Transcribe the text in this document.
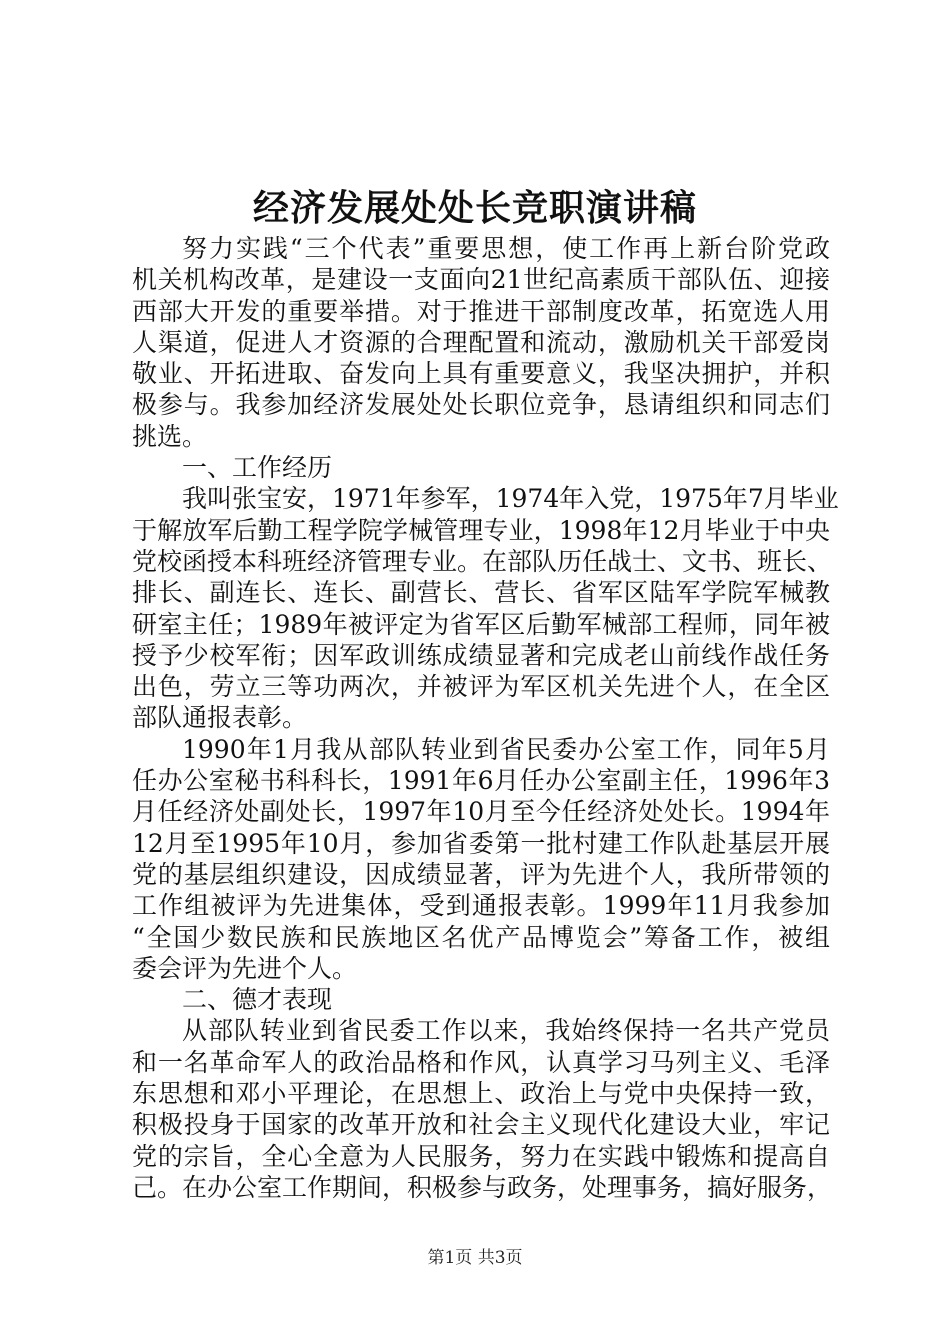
经济发展处处长竞职演讲稿
努力实践“三个代表”重要思想，使工作再上新台阶党政
机关机构改革，是建设一支面向21世纪高素质干部队伍、迎接
西部大开发的重要举措。对于推进干部制度改革，拓宽选人用
人渠道，促进人才资源的合理配置和流动，激励机关干部爱岗
敬业、开拓进取、奋发向上具有重要意义，我坚决拥护，并积
极参与。我参加经济发展处处长职位竞争，恳请组织和同志们
挑选。
一、工作经历
我叫张宝安，1971年参军，1974年入党，1975年7月毕业
于解放军后勤工程学院学械管理专业，1998年12月毕业于中央
党校函授本科班经济管理专业。在部队历任战士、文书、班长、
排长、副连长、连长、副营长、营长、省军区陆军学院军械教
研室主任；1989年被评定为省军区后勤军械部工程师，同年被
授予少校军衔；因军政训练成绩显著和完成老山前线作战任务
出色，劳立三等功两次，并被评为军区机关先进个人，在全区
部队通报表彰。
1990年1月我从部队转业到省民委办公室工作，同年5月
任办公室秘书科科长，1991年6月任办公室副主任，1996年3
月任经济处副处长，1997年10月至今任经济处处长。1994年
12月至1995年10月，参加省委第一批村建工作队赴基层开展
党的基层组织建设，因成绩显著，评为先进个人，我所带领的
工作组被评为先进集体，受到通报表彰。1999年11月我参加
“全国少数民族和民族地区名优产品博览会”筹备工作，被组
委会评为先进个人。
二、德才表现
从部队转业到省民委工作以来，我始终保持一名共产党员
和一名革命军人的政治品格和作风，认真学习马列主义、毛泽
东思想和邓小平理论，在思想上、政治上与党中央保持一致，
积极投身于国家的改革开放和社会主义现代化建设大业，牢记
党的宗旨，全心全意为人民服务，努力在实践中锻炼和提高自
己。在办公室工作期间，积极参与政务，处理事务，搞好服务，
第1页 共3页
